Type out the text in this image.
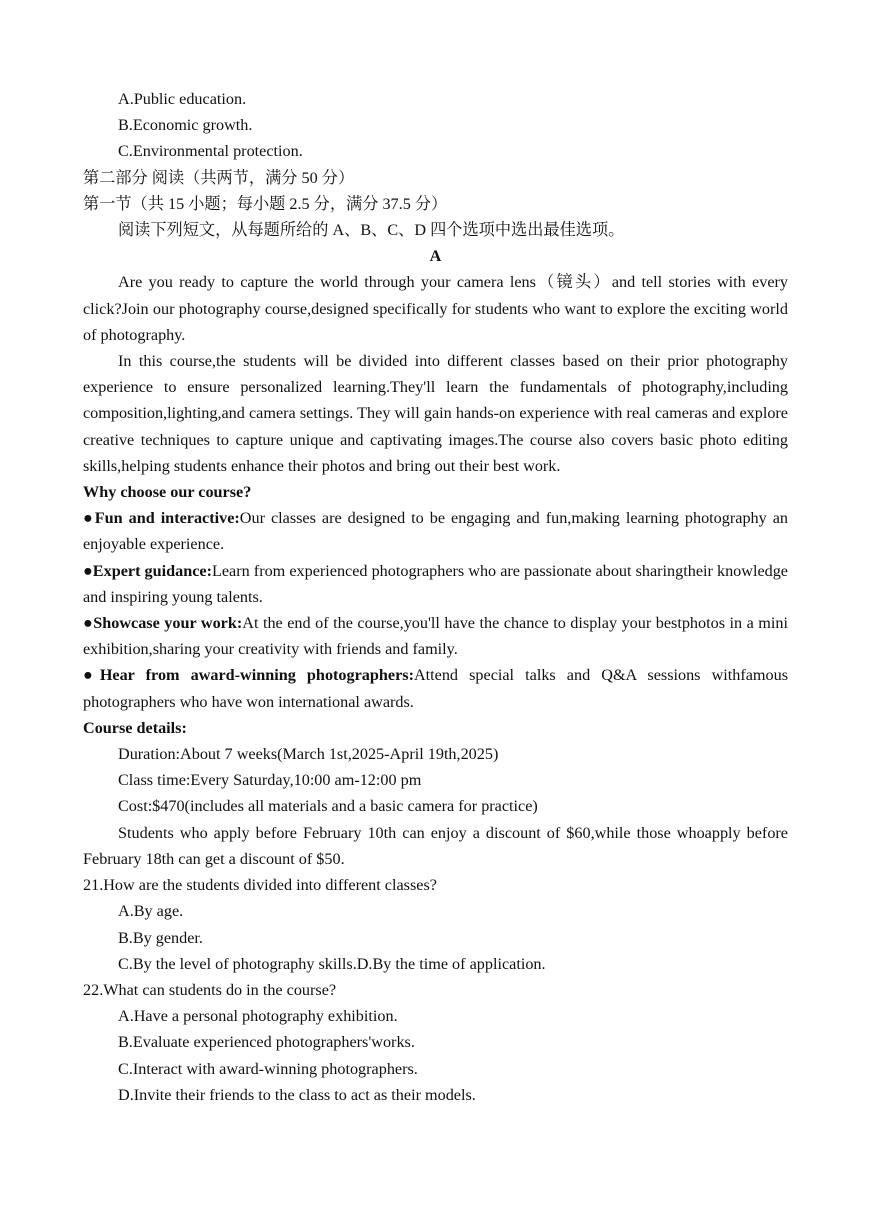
A.Public education.
B.Economic growth.
C.Environmental protection.
第二部分 阅读（共两节，满分 50 分）
第一节（共 15 小题；每小题 2.5 分，满分 37.5 分）
阅读下列短文，从每题所给的 A、B、C、D 四个选项中选出最佳选项。
A

Are you ready to capture the world through your camera lens（镜头）and tell stories with every click?Join our photography course,designed specifically for students who want to explore the exciting world of photography.

In this course,the students will be divided into different classes based on their prior photography experience to ensure personalized learning.They'll learn the fundamentals of photography,including composition,lighting,and camera settings. They will gain hands-on experience with real cameras and explore creative techniques to capture unique and captivating images.The course also covers basic photo editing skills,helping students enhance their photos and bring out their best work.

Why choose our course?

●Fun and interactive:Our classes are designed to be engaging and fun,making learning photography an enjoyable experience.

●Expert guidance:Learn from experienced photographers who are passionate about sharingtheir knowledge and inspiring young talents.

●Showcase your work:At the end of the course,you'll have the chance to display your bestphotos in a mini exhibition,sharing your creativity with friends and family.

●Hear from award-winning photographers:Attend special talks and Q&A sessions withfamous photographers who have won international awards.

Course details:
Duration:About 7 weeks(March 1st,2025-April 19th,2025)
Class time:Every Saturday,10:00 am-12:00 pm
Cost:$470(includes all materials and a basic camera for practice)

Students who apply before February 10th can enjoy a discount of $60,while those whoapply before February 18th can get a discount of $50.

21.How are the students divided into different classes?
A.By age.
B.By gender.
C.By the level of photography skills.D.By the time of application.
22.What can students do in the course?
A.Have a personal photography exhibition.
B.Evaluate experienced photographers'works.
C.Interact with award-winning photographers.
D.Invite their friends to the class to act as their models.
